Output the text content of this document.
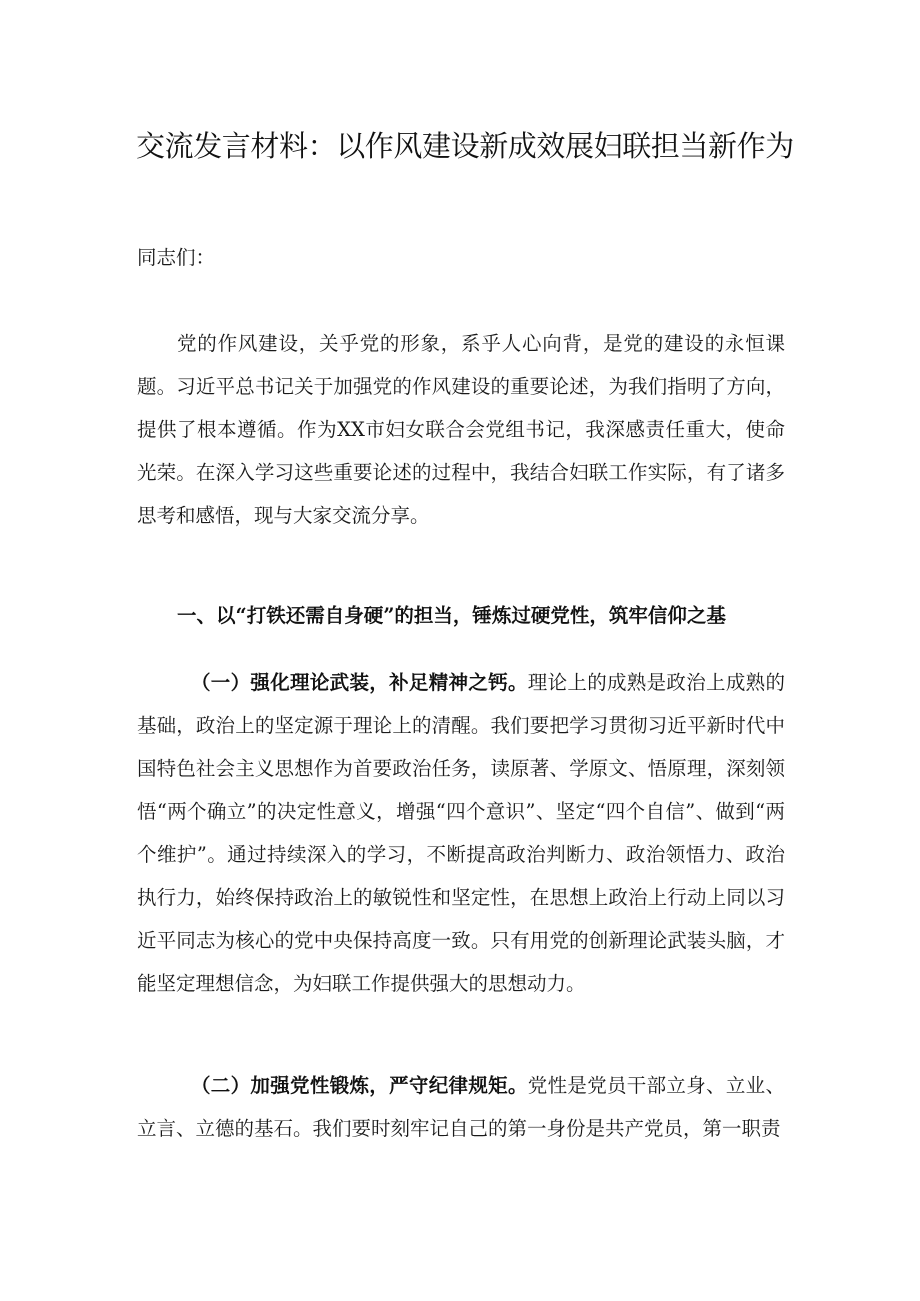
交流发言材料：以作风建设新成效展妇联担当新作为

同志们：

党的作风建设，关乎党的形象，系乎人心向背，是党的建设的永恒课题。习近平总书记关于加强党的作风建设的重要论述，为我们指明了方向，提供了根本遵循。作为XX市妇女联合会党组书记，我深感责任重大，使命光荣。在深入学习这些重要论述的过程中，我结合妇联工作实际，有了诸多思考和感悟，现与大家交流分享。

一、以“打铁还需自身硬”的担当，锤炼过硬党性，筑牢信仰之基

（一）强化理论武装，补足精神之钙。理论上的成熟是政治上成熟的基础，政治上的坚定源于理论上的清醒。我们要把学习贯彻习近平新时代中国特色社会主义思想作为首要政治任务，读原著、学原文、悟原理，深刻领悟“两个确立”的决定性意义，增强“四个意识”、坚定“四个自信”、做到“两个维护”。通过持续深入的学习，不断提高政治判断力、政治领悟力、政治执行力，始终保持政治上的敏锐性和坚定性，在思想上政治上行动上同以习近平同志为核心的党中央保持高度一致。只有用党的创新理论武装头脑，才能坚定理想信念，为妇联工作提供强大的思想动力。

（二）加强党性锻炼，严守纪律规矩。党性是党员干部立身、立业、立言、立德的基石。我们要时刻牢记自己的第一身份是共产党员，第一职责
